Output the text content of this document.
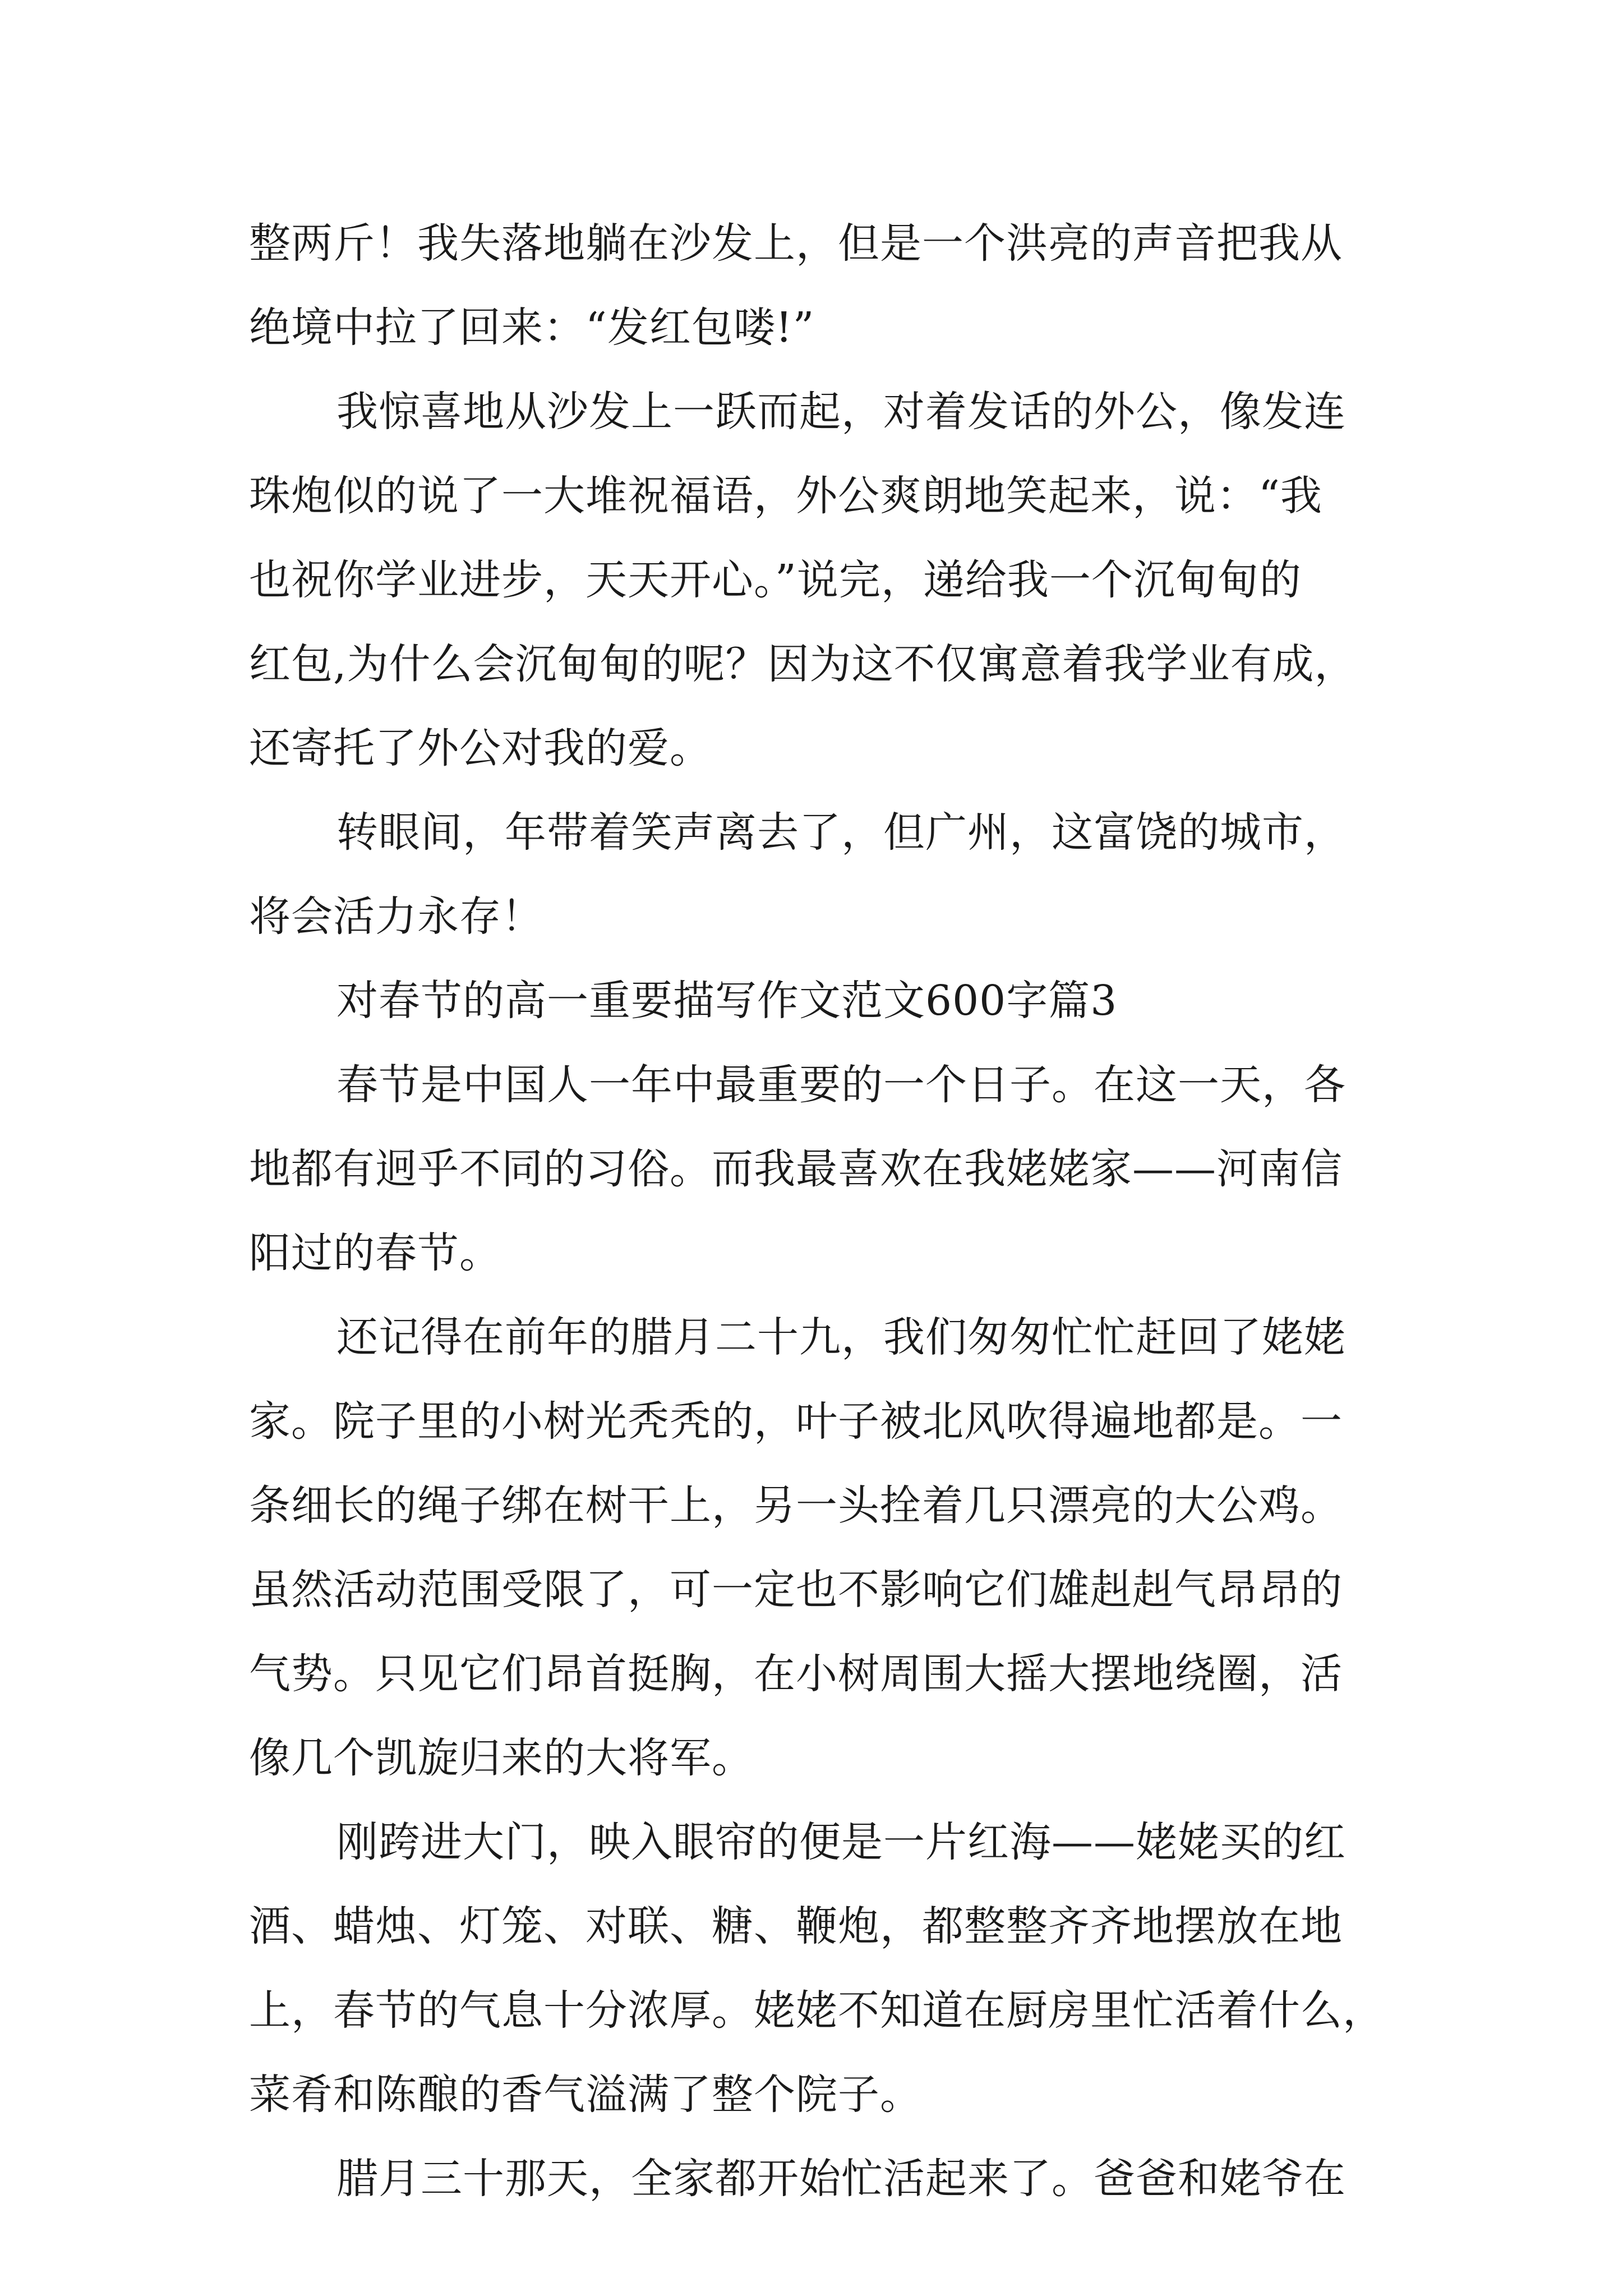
整两斤！我失落地躺在沙发上，但是一个洪亮的声音把我从
绝境中拉了回来：“发红包喽!”
我惊喜地从沙发上一跃而起，对着发话的外公，像发连
珠炮似的说了一大堆祝福语，外公爽朗地笑起来，说：“我
也祝你学业进步，天天开心。”说完，递给我一个沉甸甸的
红包,为什么会沉甸甸的呢？因为这不仅寓意着我学业有成，
还寄托了外公对我的爱。
转眼间，年带着笑声离去了，但广州，这富饶的城市，
将会活力永存！
对春节的高一重要描写作文范文600字篇3
春节是中国人一年中最重要的一个日子。在这一天，各
地都有迥乎不同的习俗。而我最喜欢在我姥姥家——河南信
阳过的春节。
还记得在前年的腊月二十九，我们匆匆忙忙赶回了姥姥
家。院子里的小树光秃秃的，叶子被北风吹得遍地都是。一
条细长的绳子绑在树干上，另一头拴着几只漂亮的大公鸡。
虽然活动范围受限了，可一定也不影响它们雄赳赳气昂昂的
气势。只见它们昂首挺胸，在小树周围大摇大摆地绕圈，活
像几个凯旋归来的大将军。
刚跨进大门，映入眼帘的便是一片红海——姥姥买的红
酒、蜡烛、灯笼、对联、糖、鞭炮，都整整齐齐地摆放在地
上，春节的气息十分浓厚。姥姥不知道在厨房里忙活着什么，
菜肴和陈酿的香气溢满了整个院子。
腊月三十那天，全家都开始忙活起来了。爸爸和姥爷在
